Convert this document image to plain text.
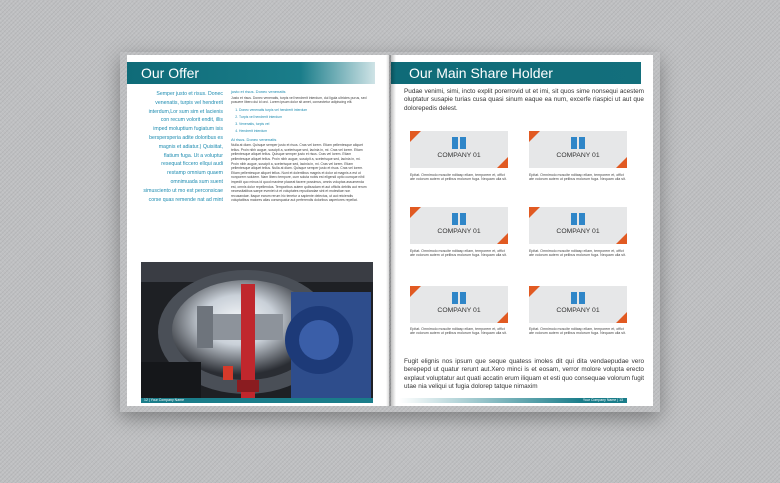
Our Offer
Semper justo et risus. Donec
venenatis, turpis vel hendrerit
interdum,Lor sum sim et lacienis
con recum volorit endit, illis
imped moluptium fugiatum isis
berspersperia adite doloribus es
magnis et adiatur.) Quisiitat,
flatium fuga. Ut a voluptur
resequat ficcero ellqui audi
restamp omnium quaem
omnimuada sum suent
simusciento ut mo est perconsicae
corse quas remende nat ad mint
justo et risus. Donec venenatis
Justo et risus. Donec venenatis, turpis vel hendrerit interdum, dui ligula ultricies purus, sed posuere libero dui id orci. Lorem ipsum dolor sit amet, consectetur adipiscing elit.
1. Donec venenatis turpis vel hendrerit interdum
2. Turpis vel hendrerit interdum
3. Venenatis, turpis vel
4. Hendrerit interdum
At risus. Donec venenatis
Nulla at diam. Quisque semper justo et risus. Cras vel lorem. Etiam pellentesque aliquet tellus. Proin nibh augue, suscipit a, scelerisque sed, lacinia in, mi. Cras vel lorem. Etiam pellentesque aliquet tellus. Quisque semper justo et risus. Cras vel lorem. Etiam pellentesque aliquet tellus. Proin nibh augue, suscipit a, scelerisque sed, lacinia in, mi. Proin nibh augue, suscipit a, scelerisque sed, lacinia in, mi. Cras vel lorem. Etiam pellentesque aliquet tellus. Nulla at diam. Quisque semper justo et risus. Cras vel lorem. Etiam pellentesque aliquet tellus. Nunt et dolentibus magnis et dolor at magnis a est ut nonporem solutem. Nam libero tempore, cum soluta nobis est eligendi optio cumque nihil impedit quo minus id quod maxime placeat facere possimus, omnis voluptas assumenda est, omnis dolor repellendus. Temporibus autem quibusdam et aut officiis debitis aut rerum necessitatibus saepe eveniet ut et voluptates repudiandae sint et molestiae non recusandae. Itaque earum rerum hic tenetur a sapiente delectus, ut aut reiciendis voluptatibus maiores alias consequatur aut perferendis doloribus asperiores repellat.
12 | Your Company Name
Our Main Share Holder
Pudae venimi, simi, incto explit porerrovid ut et imi, sit quos sime nonsequi acestem oluptatur susapie turias cusa quasi sinum eaque ea num, excerfe riaspici ut aut que dolorepedis delest.
COMPANY 01
Epitat. Omnimolo moscite nditasp ellam, temporem et, offict ate volorum autem ut pelibus molorum fuga. Nequam ulla sit.
COMPANY 01
Epitat. Omnimolo moscite nditasp ellam, temporem et, offict ate volorum autem ut pelibus molorum fuga. Nequam ulla sit.
COMPANY 01
Epitat. Omnimolo moscite nditasp ellam, temporem et, offict ate volorum autem ut pelibus molorum fuga. Nequam ulla sit.
COMPANY 01
Epitat. Omnimolo moscite nditasp ellam, temporem et, offict ate volorum autem ut pelibus molorum fuga. Nequam ulla sit.
COMPANY 01
Epitat. Omnimolo moscite nditasp ellam, temporem et, offict ate volorum autem ut pelibus molorum fuga. Nequam ulla sit.
COMPANY 01
Epitat. Omnimolo moscite nditasp ellam, temporem et, offict ate volorum autem ut pelibus molorum fuga. Nequam ulla sit.
Fugit elignis nos ipsum que seque quatess imoles dit qui dita vendaepudae vero berepepd ut quatur rerunt aut.Xero minci is et eosam, verror molore volupta erecto explaut voluptatur aut quati accatin erum iliquam et esti quo consequae volorum fugit utae nia veliqui ut fugia dolorep tatque nimaxim
Your Company Name | 13
